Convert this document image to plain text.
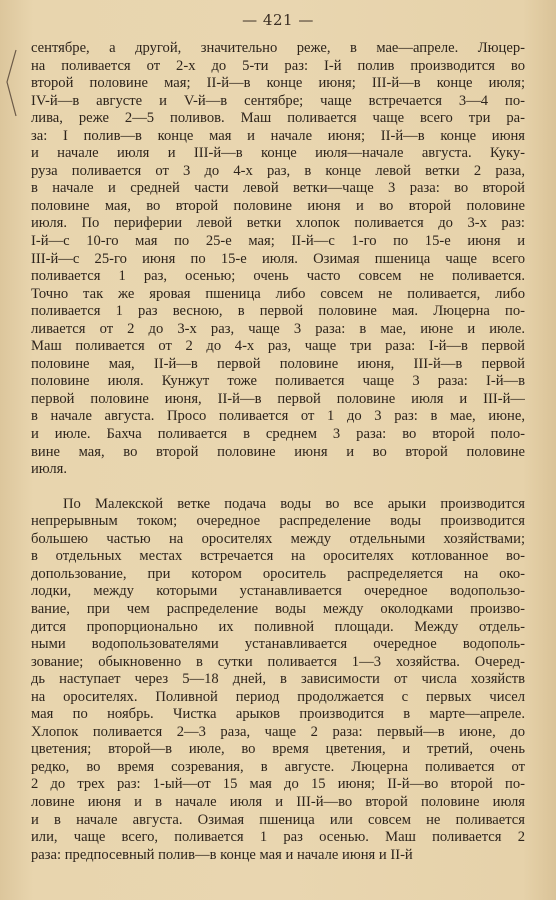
— 421 —
сентябре, а другой, значительно реже, в мае—апреле. Люцер-
на поливается от 2-х до 5-ти раз: I-й полив производится во
второй половине мая; II-й—в конце июня; III-й—в конце июля;
IV-й—в августе и V-й—в сентябре; чаще встречается 3—4 по-
лива, реже 2—5 поливов. Маш поливается чаще всего три ра-
за: I полив—в конце мая и начале июня; II-й—в конце июня
и начале июля и III-й—в конце июля—начале августа. Куку-
руза поливается от 3 до 4-х раз, в конце левой ветки 2 раза,
в начале и средней части левой ветки—чаще 3 раза: во второй
половине мая, во второй половине июня и во второй половине
июля. По периферии левой ветки хлопок поливается до 3-х раз:
I-й—с 10-го мая по 25-е мая; II-й—с 1-го по 15-е июня и
III-й—с 25-го июня по 15-е июля. Озимая пшеница чаще всего
поливается 1 раз, осенью; очень часто совсем не поливается.
Точно так же яровая пшеница либо совсем не поливается, либо
поливается 1 раз весною, в первой половине мая. Люцерна по-
ливается от 2 до 3-х раз, чаще 3 раза: в мае, июне и июле.
Маш поливается от 2 до 4-х раз, чаще три раза: I-й—в первой
половине мая, II-й—в первой половине июня, III-й—в первой
половине июля. Кунжут тоже поливается чаще 3 раза: I-й—в
первой половине июня, II-й—в первой половине июля и III-й—
в начале августа. Просо поливается от 1 до 3 раз: в мае, июне,
и июле. Бахча поливается в среднем 3 раза: во второй поло-
вине мая, во второй половине июня и во второй половине
июля.
По Малекской ветке подача воды во все арыки производится
непрерывным током; очередное распределение воды производится
большею частью на оросителях между отдельными хозяйствами;
в отдельных местах встречается на оросителях котлованное во-
допользование, при котором ороситель распределяется на око-
лодки, между которыми устанавливается очередное водопользо-
вание, при чем распределение воды между околодками произво-
дится пропорционально их поливной площади. Между отдель-
ными водопользователями устанавливается очередное водополь-
зование; обыкновенно в сутки поливается 1—3 хозяйства. Очеред-
дь наступает через 5—18 дней, в зависимости от числа хозяйств
на оросителях. Поливной период продолжается с первых чисел
мая по ноябрь. Чистка арыков производится в марте—апреле.
Хлопок поливается 2—3 раза, чаще 2 раза: первый—в июне, до
цветения; второй—в июле, во время цветения, и третий, очень
редко, во время созревания, в августе. Люцерна поливается от
2 до трех раз: 1-ый—от 15 мая до 15 июня; II-й—во второй по-
ловине июня и в начале июля и III-й—во второй половине июля
и в начале августа. Озимая пшеница или совсем не поливается
или, чаще всего, поливается 1 раз осенью. Маш поливается 2
раза: предпосевный полив—в конце мая и начале июня и II-й
